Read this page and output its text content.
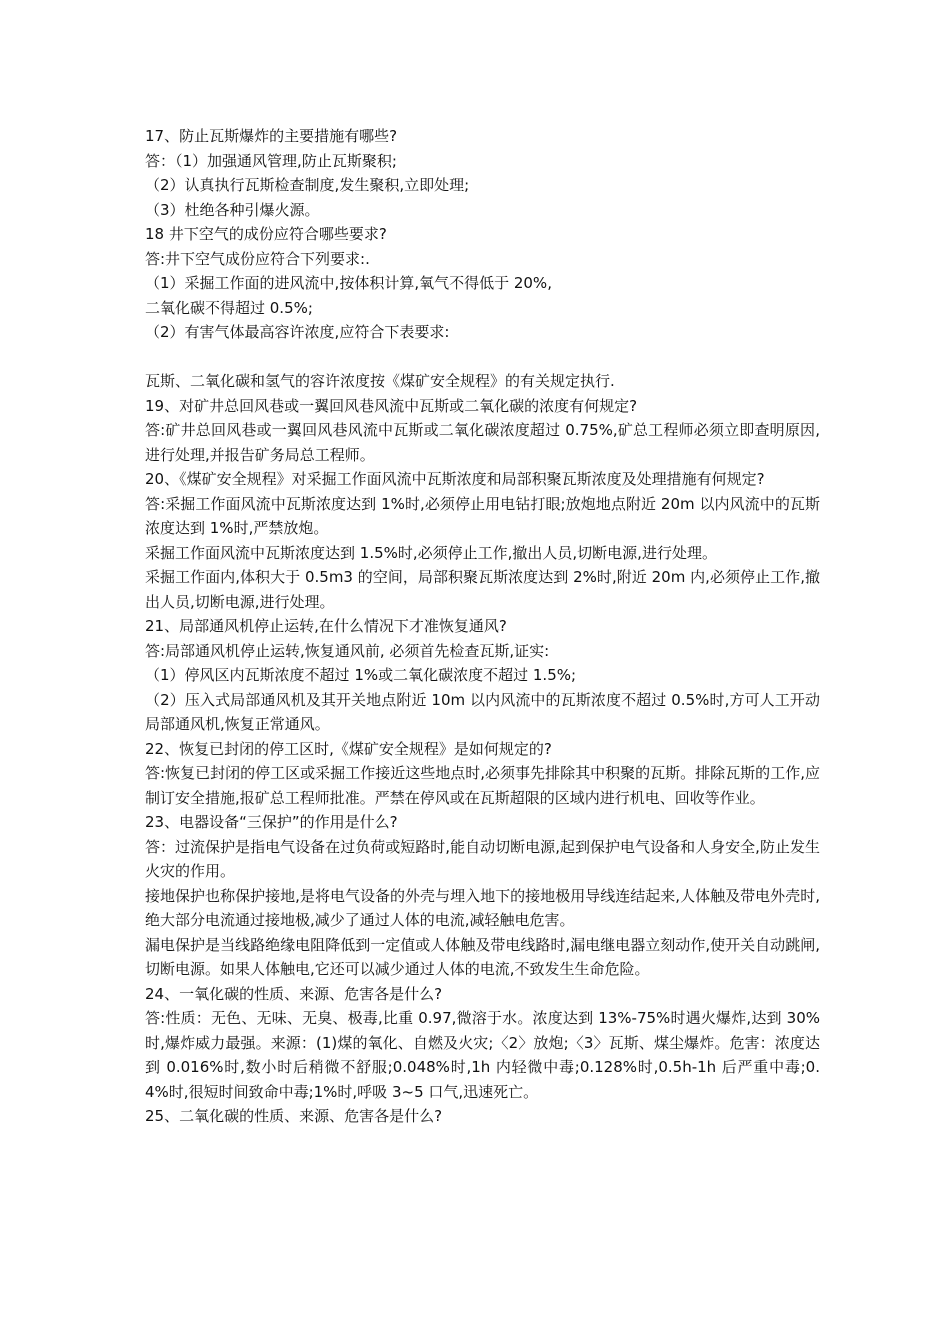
17、防止瓦斯爆炸的主要措施有哪些?

答：（1）加强通风管理,防止瓦斯聚积;

（2）认真执行瓦斯检查制度,发生聚积,立即处理;

（3）杜绝各种引爆火源。

18 井下空气的成份应符合哪些要求?

答:井下空气成份应符合下列要求:.

（1）采掘工作面的进风流中,按体积计算,氧气不得低于 20%,

二氧化碳不得超过 0.5%;

（2）有害气体最高容许浓度,应符合下表要求:

瓦斯、二氧化碳和氢气的容许浓度按《煤矿安全规程》的有关规定执行.

19、对矿井总回风巷或一翼回风巷风流中瓦斯或二氧化碳的浓度有何规定?

答:矿井总回风巷或一翼回风巷风流中瓦斯或二氧化碳浓度超过 0.75%,矿总工程师必须立即查明原因,进行处理,并报告矿务局总工程师。

20、《煤矿安全规程》对采掘工作面风流中瓦斯浓度和局部积聚瓦斯浓度及处理措施有何规定?

答:采掘工作面风流中瓦斯浓度达到 1%时,必须停止用电钻打眼;放炮地点附近 20m 以内风流中的瓦斯浓度达到 1%时,严禁放炮。

采掘工作面风流中瓦斯浓度达到 1.5%时,必须停止工作,撤出人员,切断电源,进行处理。

采掘工作面内,体积大于 0.5m3 的空间，局部积聚瓦斯浓度达到 2%时,附近 20m 内,必须停止工作,撤出人员,切断电源,进行处理。

21、局部通风机停止运转,在什么情况下才准恢复通风?

答:局部通风机停止运转,恢复通风前, 必须首先检查瓦斯,证实:

（1）停风区内瓦斯浓度不超过 1%或二氧化碳浓度不超过 1.5%;

（2）压入式局部通风机及其开关地点附近 10m 以内风流中的瓦斯浓度不超过 0.5%时,方可人工开动局部通风机,恢复正常通风。

22、恢复已封闭的停工区时,《煤矿安全规程》是如何规定的?

答:恢复已封闭的停工区或采掘工作接近这些地点时,必须事先排除其中积聚的瓦斯。排除瓦斯的工作,应制订安全措施,报矿总工程师批准。严禁在停风或在瓦斯超限的区域内进行机电、回收等作业。

23、电器设备“三保护”的作用是什么?

答：过流保护是指电气设备在过负荷或短路时,能自动切断电源,起到保护电气设备和人身安全,防止发生火灾的作用。

接地保护也称保护接地,是将电气设备的外壳与埋入地下的接地极用导线连结起来,人体触及带电外壳时,绝大部分电流通过接地极,减少了通过人体的电流,减轻触电危害。

漏电保护是当线路绝缘电阻降低到一定值或人体触及带电线路时,漏电继电器立刻动作,使开关自动跳闸,切断电源。如果人体触电,它还可以减少通过人体的电流,不致发生生命危险。

24、一氧化碳的性质、来源、危害各是什么?

答:性质：无色、无味、无臭、极毒,比重 0.97,微溶于水。浓度达到 13%-75%时遇火爆炸,达到 30%时,爆炸威力最强。来源：(1)煤的氧化、自燃及火灾;〈2〉放炮;〈3〉瓦斯、煤尘爆炸。危害：浓度达到 0.016%时,数小时后稍微不舒服;0.048%时,1h 内轻微中毒;0.128%时,0.5h-1h 后严重中毒;0.4%时,很短时间致命中毒;1%时,呼吸 3~5 口气,迅速死亡。

25、二氧化碳的性质、来源、危害各是什么?
